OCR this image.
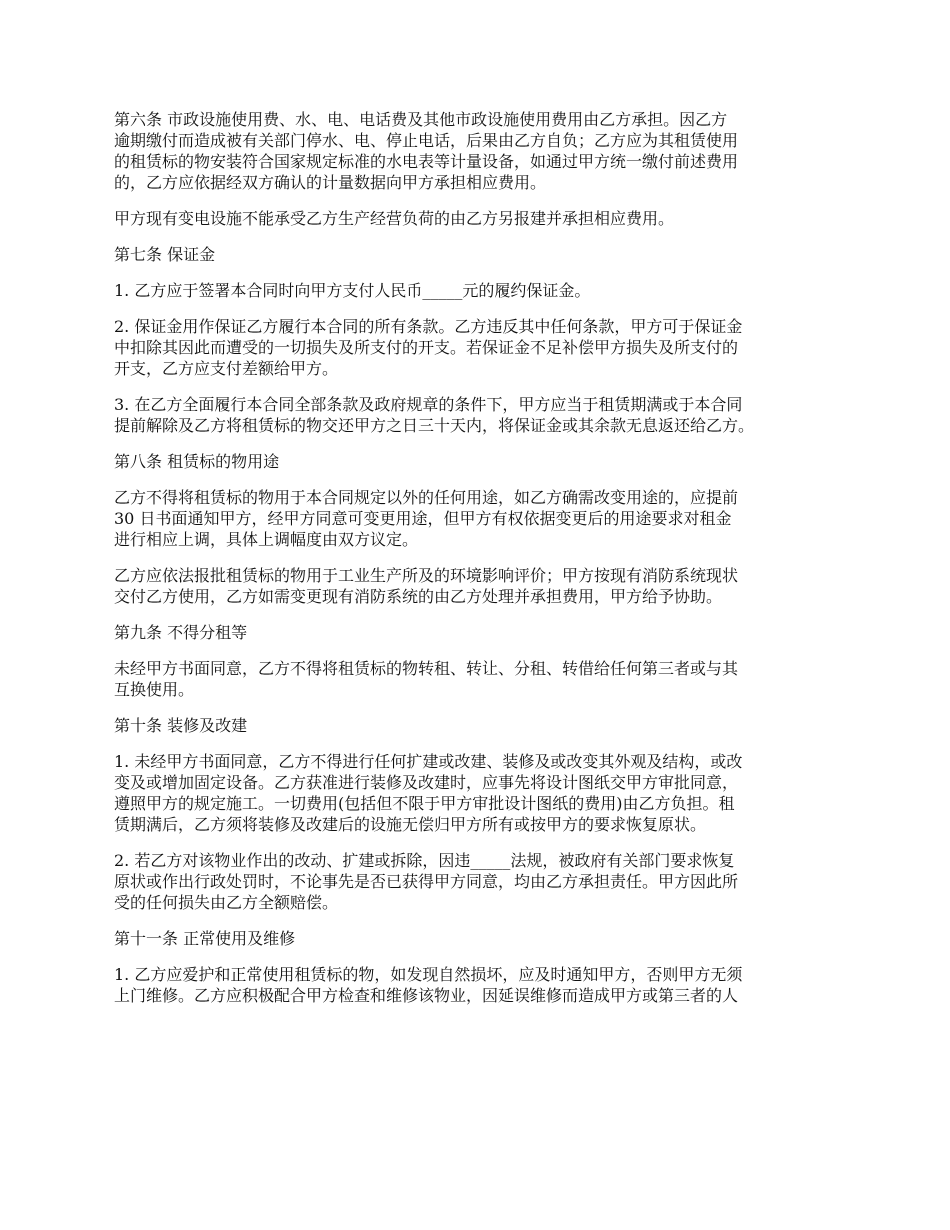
第六条 市政设施使用费、水、电、电话费及其他市政设施使用费用由乙方承担。因乙方
逾期缴付而造成被有关部门停水、电、停止电话，后果由乙方自负；乙方应为其租赁使用
的租赁标的物安装符合国家规定标准的水电表等计量设备，如通过甲方统一缴付前述费用
的，乙方应依据经双方确认的计量数据向甲方承担相应费用。
甲方现有变电设施不能承受乙方生产经营负荷的由乙方另报建并承担相应费用。
第七条 保证金
1. 乙方应于签署本合同时向甲方支付人民币_____元的履约保证金。
2. 保证金用作保证乙方履行本合同的所有条款。乙方违反其中任何条款，甲方可于保证金
中扣除其因此而遭受的一切损失及所支付的开支。若保证金不足补偿甲方损失及所支付的
开支，乙方应支付差额给甲方。
3. 在乙方全面履行本合同全部条款及政府规章的条件下，甲方应当于租赁期满或于本合同
提前解除及乙方将租赁标的物交还甲方之日三十天内，将保证金或其余款无息返还给乙方。
第八条 租赁标的物用途
乙方不得将租赁标的物用于本合同规定以外的任何用途，如乙方确需改变用途的，应提前
30 日书面通知甲方，经甲方同意可变更用途，但甲方有权依据变更后的用途要求对租金
进行相应上调，具体上调幅度由双方议定。
乙方应依法报批租赁标的物用于工业生产所及的环境影响评价；甲方按现有消防系统现状
交付乙方使用，乙方如需变更现有消防系统的由乙方处理并承担费用，甲方给予协助。
第九条 不得分租等
未经甲方书面同意，乙方不得将租赁标的物转租、转让、分租、转借给任何第三者或与其
互换使用。
第十条 装修及改建
1. 未经甲方书面同意，乙方不得进行任何扩建或改建、装修及或改变其外观及结构，或改
变及或增加固定设备。乙方获准进行装修及改建时，应事先将设计图纸交甲方审批同意，
遵照甲方的规定施工。一切费用(包括但不限于甲方审批设计图纸的费用)由乙方负担。租
赁期满后，乙方须将装修及改建后的设施无偿归甲方所有或按甲方的要求恢复原状。
2. 若乙方对该物业作出的改动、扩建或拆除，因违_____法规，被政府有关部门要求恢复
原状或作出行政处罚时，不论事先是否已获得甲方同意，均由乙方承担责任。甲方因此所
受的任何损失由乙方全额赔偿。
第十一条 正常使用及维修
1. 乙方应爱护和正常使用租赁标的物，如发现自然损坏，应及时通知甲方，否则甲方无须
上门维修。乙方应积极配合甲方检查和维修该物业，因延误维修而造成甲方或第三者的人
